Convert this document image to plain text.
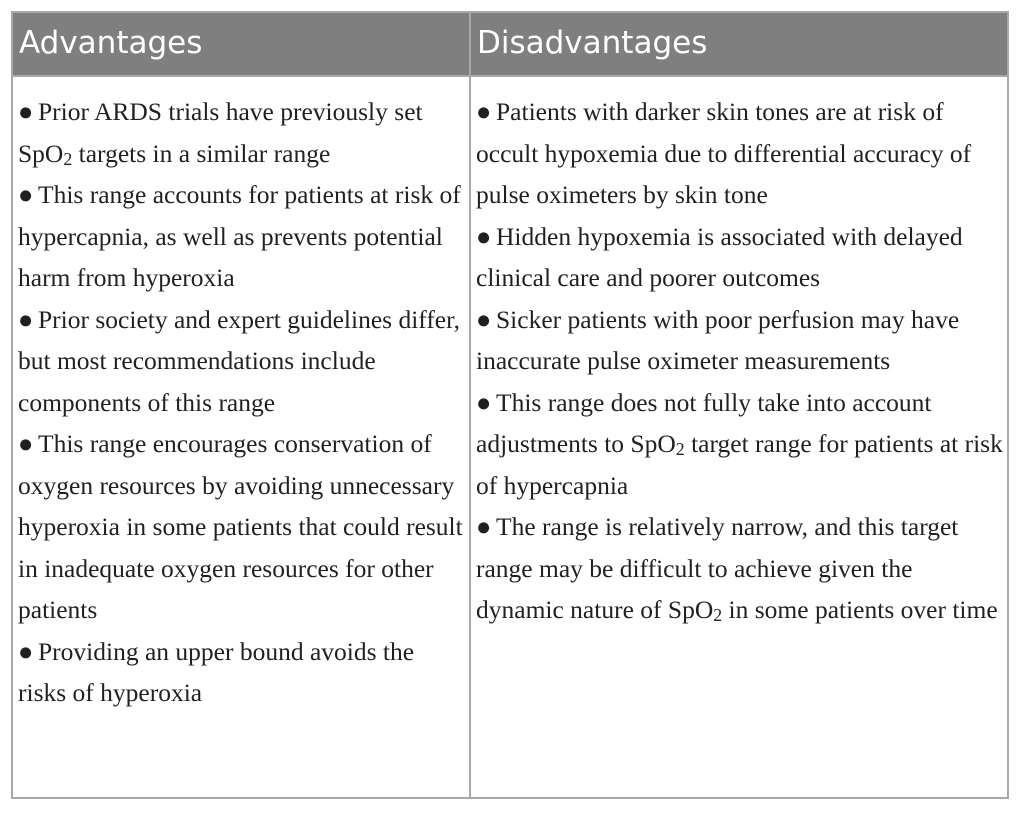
Advantages	Disadvantages

● Prior ARDS trials have previously set SpO$_2$ targets in a similar range

● This range accounts for patients at risk of hypercapnia, as well as prevents potential harm from hyperoxia

● Prior society and expert guidelines differ, but most recommendations include components of this range

● This range encourages conservation of oxygen resources by avoiding unnecessary hyperoxia in some patients that could result in inadequate oxygen resources for other patients

● Providing an upper bound avoids the risks of hyperoxia

● Patients with darker skin tones are at risk of occult hypoxemia due to differential accuracy of pulse oximeters by skin tone

● Hidden hypoxemia is associated with delayed clinical care and poorer outcomes

● Sicker patients with poor perfusion may have inaccurate pulse oximeter measurements

● This range does not fully take into account adjustments to SpO$_2$ target range for patients at risk of hypercapnia

● The range is relatively narrow, and this target range may be difficult to achieve given the dynamic nature of SpO$_2$ in some patients over time
